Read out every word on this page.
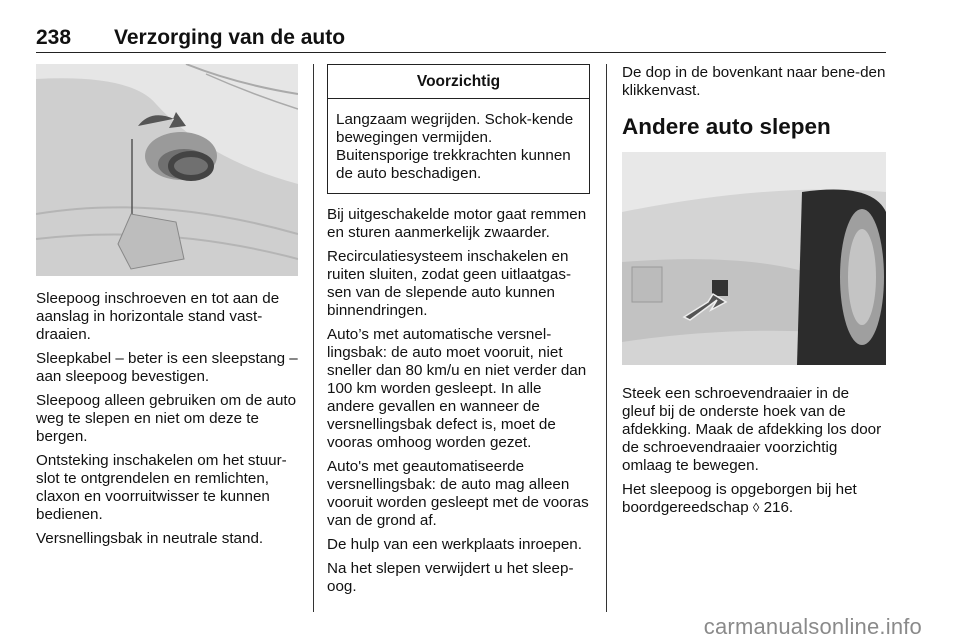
238 Verzorging van de auto

Sleepoog inschroeven en tot aan de aanslag in horizontale stand vast-draaien.

Sleepkabel – beter is een sleepstang – aan sleepoog bevestigen.

Sleepoog alleen gebruiken om de auto weg te slepen en niet om deze te bergen.

Ontsteking inschakelen om het stuur-slot te ontgrendelen en remlichten, claxon en voorruitwisser te kunnen bedienen.

Versnellingsbak in neutrale stand.

Voorzichtig
Langzaam wegrijden. Schok-kende bewegingen vermijden. Buitensporige trekkrachten kunnen de auto beschadigen.

Bij uitgeschakelde motor gaat remmen en sturen aanmerkelijk zwaarder.

Recirculatiesysteem inschakelen en ruiten sluiten, zodat geen uitlaatgas-sen van de slepende auto kunnen binnendringen.

Auto’s met automatische versnel-lingsbak: de auto moet vooruit, niet sneller dan 80 km/u en niet verder dan 100 km worden gesleept. In alle andere gevallen en wanneer de versnellingsbak defect is, moet de vooras omhoog worden gezet.

Auto's met geautomatiseerde versnellingsbak: de auto mag alleen vooruit worden gesleept met de vooras van de grond af.

De hulp van een werkplaats inroepen.

Na het slepen verwijdert u het sleep-oog.

De dop in de bovenkant naar bene-den klikkenvast.

Andere auto slepen

Steek een schroevendraaier in de gleuf bij de onderste hoek van de afdekking. Maak de afdekking los door de schroevendraaier voorzichtig omlaag te bewegen.

Het sleepoog is opgeborgen bij het boordgereedschap ◊ 216.

carmanualsonline.info
